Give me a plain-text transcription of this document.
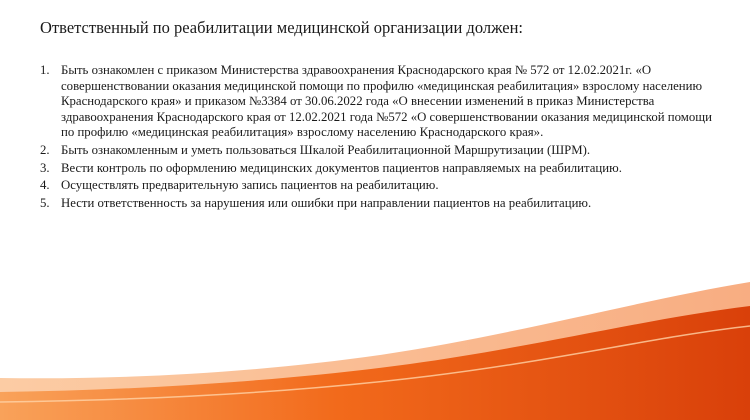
Ответственный по реабилитации медицинской организации должен:
1. Быть ознакомлен с приказом Министерства здравоохранения Краснодарского края № 572 от 12.02.2021г. «О совершенствовании оказания медицинской помощи по профилю «медицинская реабилитация» взрослому населению Краснодарского края» и приказом №3384 от 30.06.2022 года «О внесении изменений в приказ Министерства здравоохранения Краснодарского края от 12.02.2021 года №572 «О совершенствовании оказания медицинской помощи по профилю «медицинская реабилитация» взрослому населению Краснодарского края».
2. Быть ознакомленным и уметь пользоваться Шкалой Реабилитационной Маршрутизации (ШРМ).
3. Вести контроль по оформлению медицинских документов пациентов направляемых на реабилитацию.
4. Осуществлять предварительную запись пациентов на реабилитацию.
5. Нести ответственность за нарушения или ошибки при направлении пациентов на реабилитацию.
